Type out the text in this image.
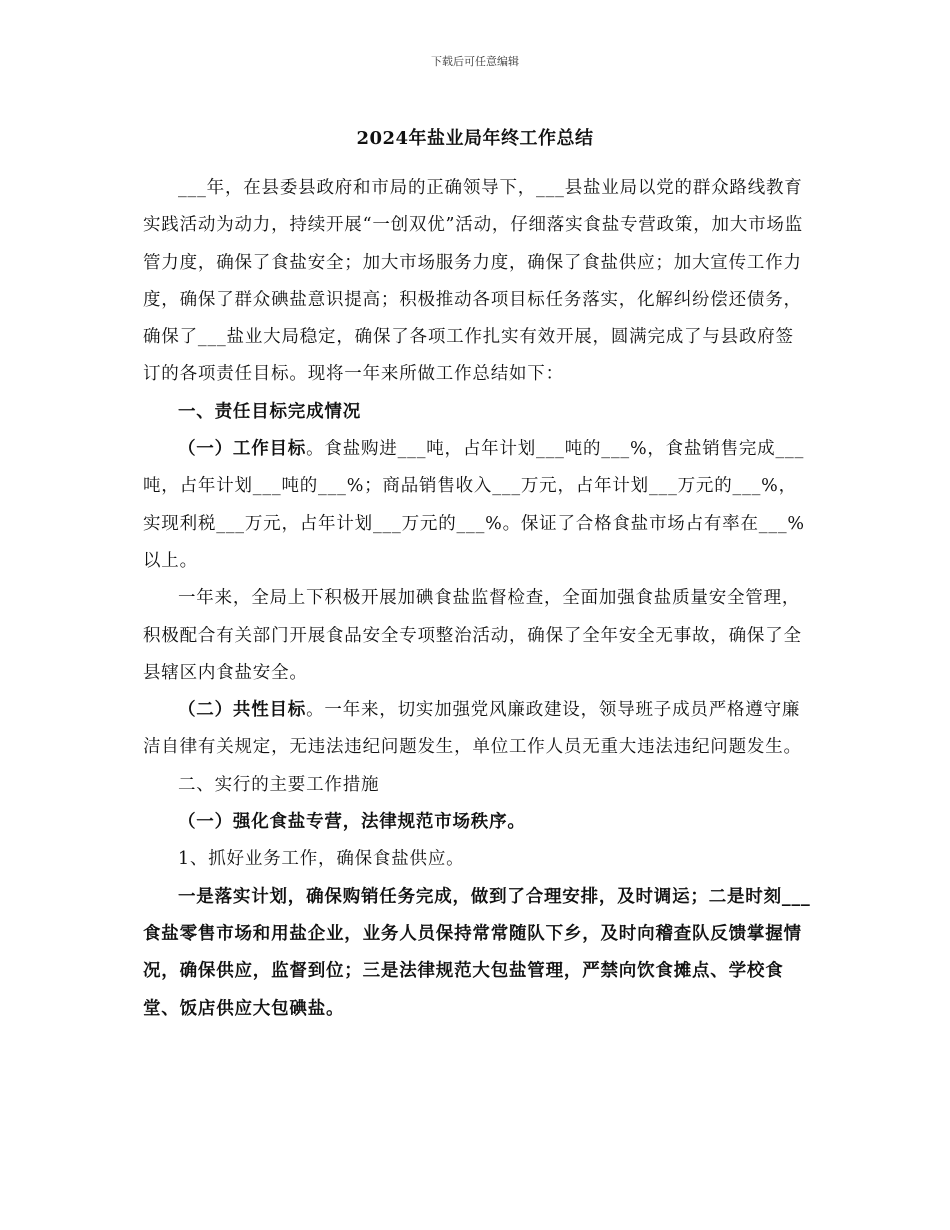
下载后可任意编辑
2024年盐业局年终工作总结

___年，在县委县政府和市局的正确领导下，___县盐业局以党的群众路线教育实践活动为动力，持续开展“一创双优”活动，仔细落实食盐专营政策，加大市场监管力度，确保了食盐安全；加大市场服务力度，确保了食盐供应；加大宣传工作力度，确保了群众碘盐意识提高；积极推动各项目标任务落实，化解纠纷偿还债务，确保了___盐业大局稳定，确保了各项工作扎实有效开展，圆满完成了与县政府签订的各项责任目标。现将一年来所做工作总结如下：

一、责任目标完成情况

（一）工作目标。食盐购进___吨，占年计划___吨的___%，食盐销售完成___吨，占年计划___吨的___%；商品销售收入___万元，占年计划___万元的___%，实现利税___万元，占年计划___万元的___%。保证了合格食盐市场占有率在___%以上。

一年来，全局上下积极开展加碘食盐监督检查，全面加强食盐质量安全管理，积极配合有关部门开展食品安全专项整治活动，确保了全年安全无事故，确保了全县辖区内食盐安全。

（二）共性目标。一年来，切实加强党风廉政建设，领导班子成员严格遵守廉洁自律有关规定，无违法违纪问题发生，单位工作人员无重大违法违纪问题发生。

二、实行的主要工作措施

（一）强化食盐专营，法律规范市场秩序。

1、抓好业务工作，确保食盐供应。

一是落实计划，确保购销任务完成，做到了合理安排，及时调运；二是时刻___食盐零售市场和用盐企业，业务人员保持常常随队下乡，及时向稽查队反馈掌握情况，确保供应，监督到位；三是法律规范大包盐管理，严禁向饮食摊点、学校食堂、饭店供应大包碘盐。
